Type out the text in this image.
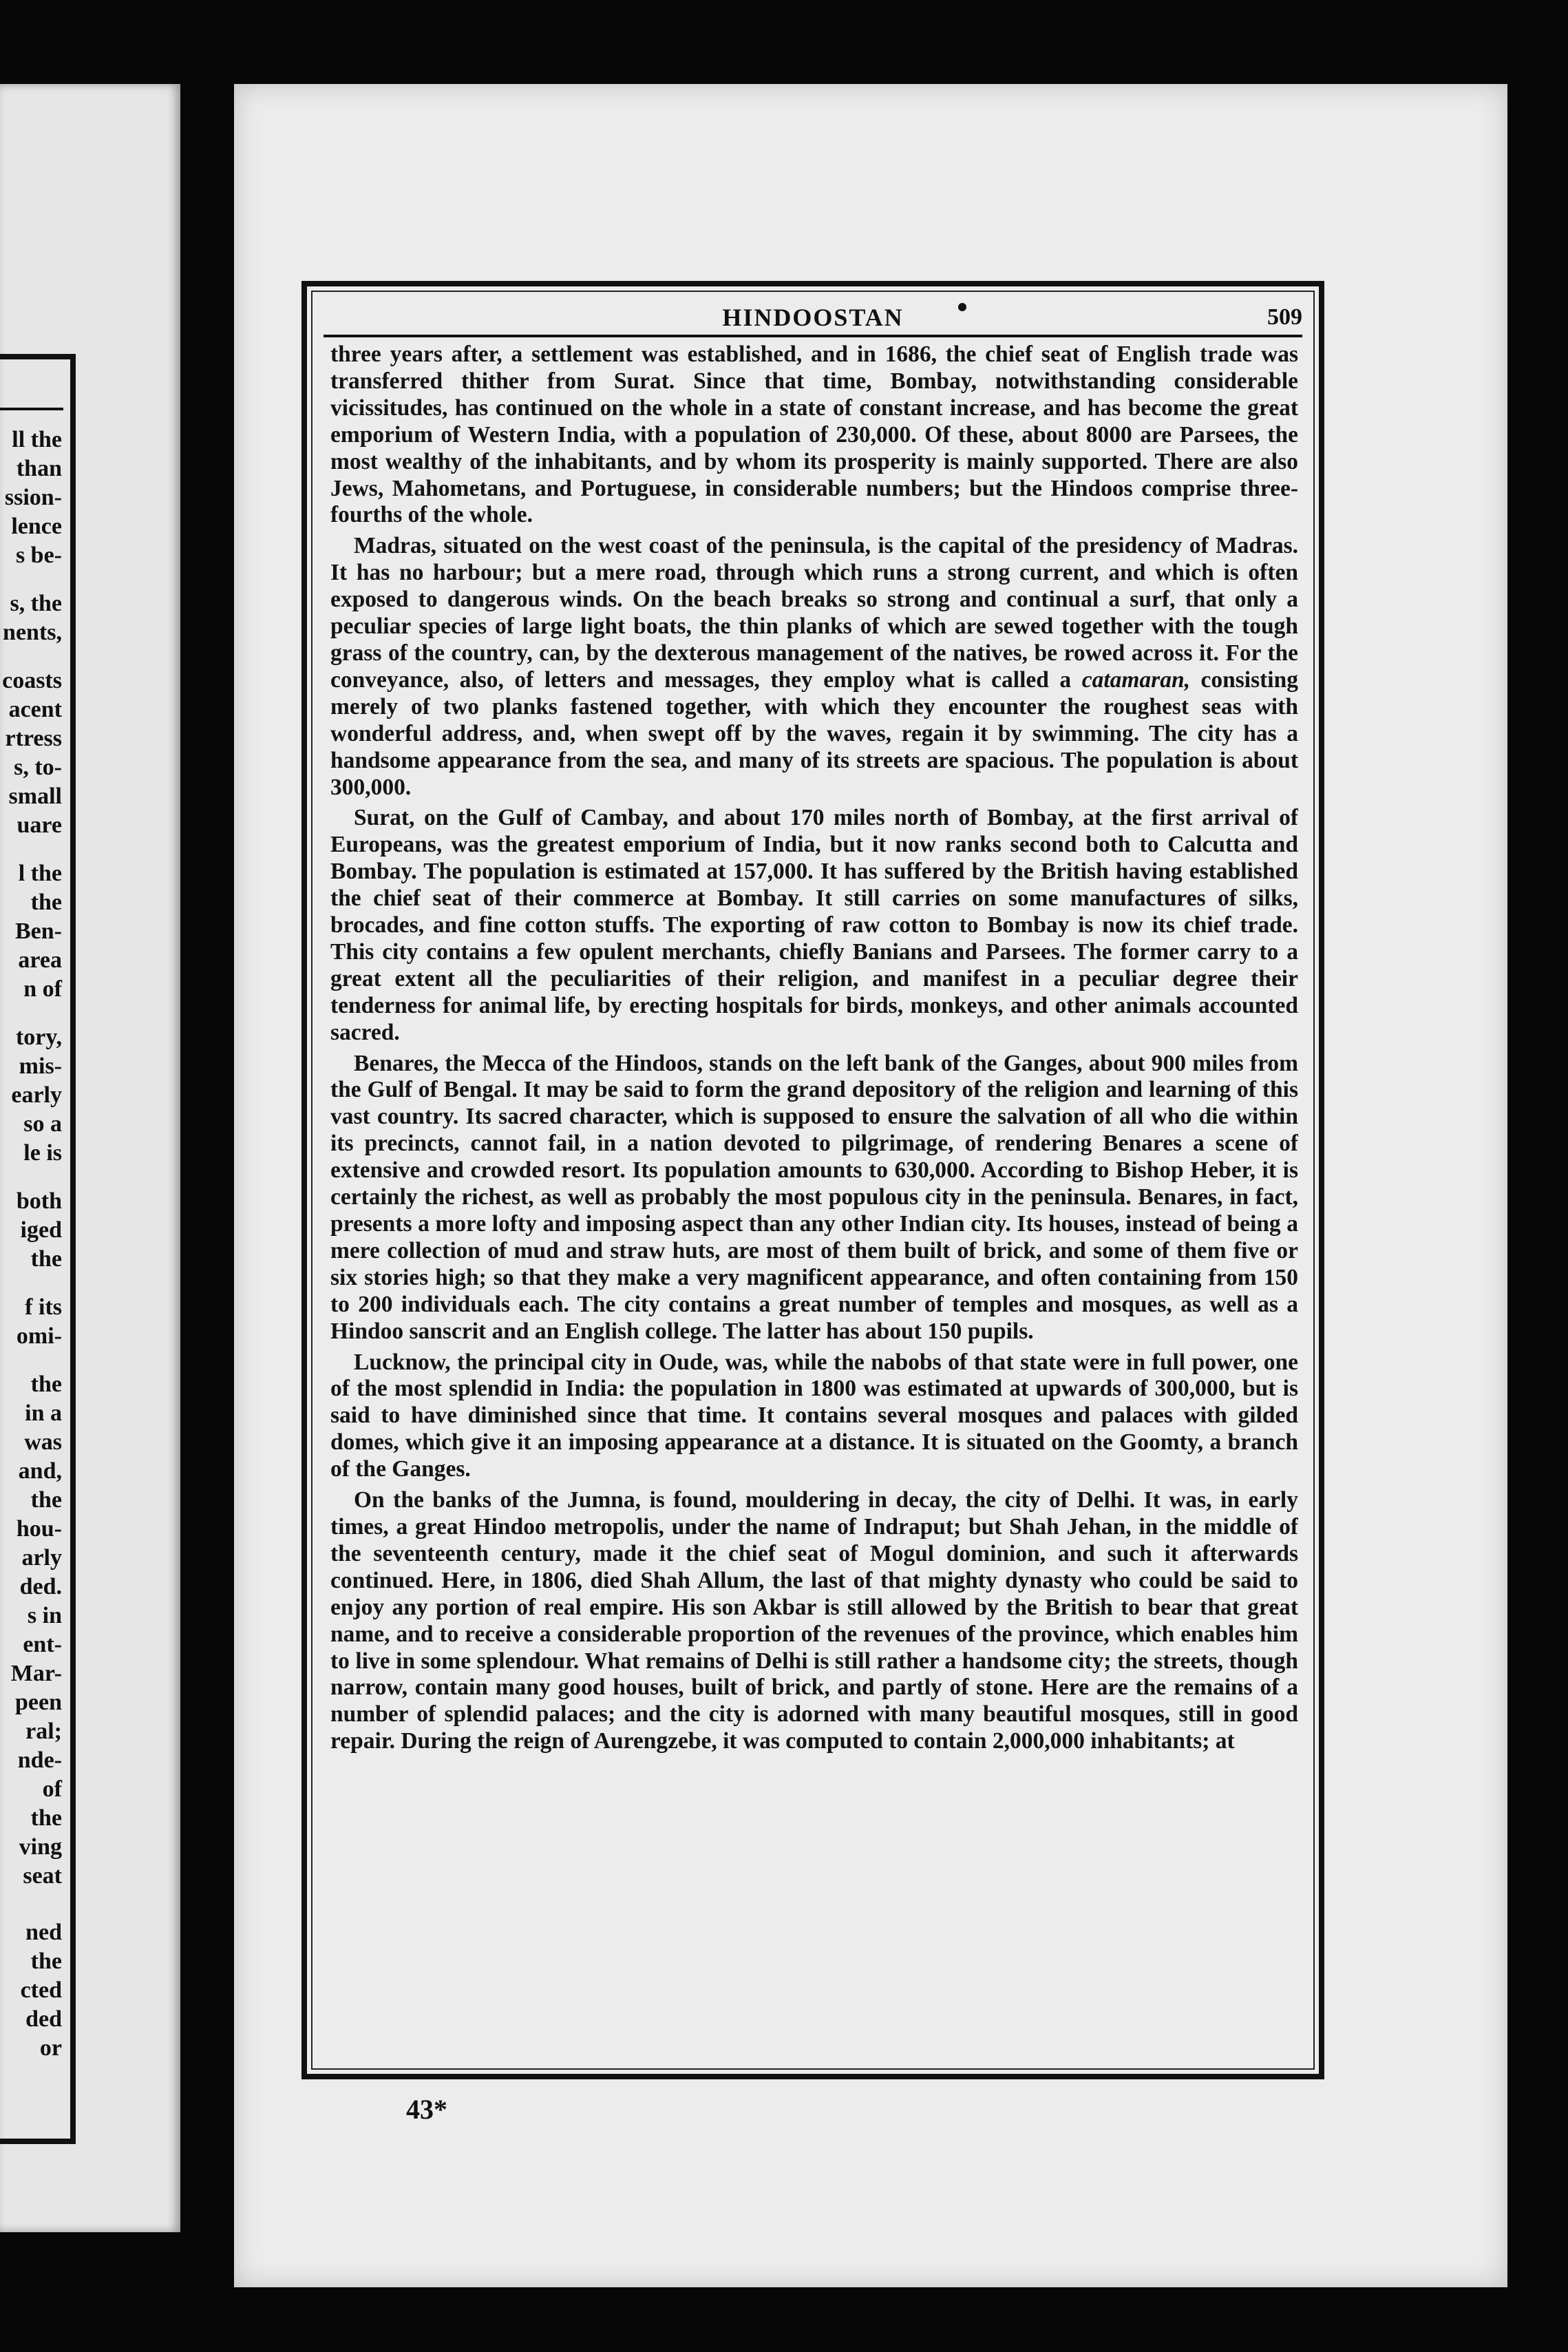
ll the
than
ssion-
lence
s be-
s, the
nents,
coasts
acent
rtress
s, to-
small
uare
l the
the
Ben-
area
n of
tory,
mis-
early
so a
le is
both
iged
the
f its
omi-
the
in a
was
and,
the
hou-
arly
ded.
s in
ent-
Mar-
peen
ral;
nde-
of
the
ving
seat
ned
the
cted
ded
or
HINDOOSTAN	509

three years after, a settlement was established, and in 1686, the chief seat of English trade was transferred thither from Surat. Since that time, Bombay, notwithstanding considerable vicissitudes, has continued on the whole in a state of constant increase, and has become the great emporium of Western India, with a population of 230,000. Of these, about 8000 are Parsees, the most wealthy of the inhabitants, and by whom its prosperity is mainly supported. There are also Jews, Mahometans, and Portuguese, in considerable numbers; but the Hindoos comprise three-fourths of the whole.

Madras, situated on the west coast of the peninsula, is the capital of the presidency of Madras. It has no harbour; but a mere road, through which runs a strong current, and which is often exposed to dangerous winds. On the beach breaks so strong and continual a surf, that only a peculiar species of large light boats, the thin planks of which are sewed together with the tough grass of the country, can, by the dexterous management of the natives, be rowed across it. For the conveyance, also, of letters and messages, they employ what is called a catamaran, consisting merely of two planks fastened together, with which they encounter the roughest seas with wonderful address, and, when swept off by the waves, regain it by swimming. The city has a handsome appearance from the sea, and many of its streets are spacious. The population is about 300,000.

Surat, on the Gulf of Cambay, and about 170 miles north of Bombay, at the first arrival of Europeans, was the greatest emporium of India, but it now ranks second both to Calcutta and Bombay. The population is estimated at 157,000. It has suffered by the British having established the chief seat of their commerce at Bombay. It still carries on some manufactures of silks, brocades, and fine cotton stuffs. The exporting of raw cotton to Bombay is now its chief trade. This city contains a few opulent merchants, chiefly Banians and Parsees. The former carry to a great extent all the peculiarities of their religion, and manifest in a peculiar degree their tenderness for animal life, by erecting hospitals for birds, monkeys, and other animals accounted sacred.

Benares, the Mecca of the Hindoos, stands on the left bank of the Ganges, about 900 miles from the Gulf of Bengal. It may be said to form the grand depository of the religion and learning of this vast country. Its sacred character, which is supposed to ensure the salvation of all who die within its precincts, cannot fail, in a nation devoted to pilgrimage, of rendering Benares a scene of extensive and crowded resort. Its population amounts to 630,000. According to Bishop Heber, it is certainly the richest, as well as probably the most populous city in the peninsula. Benares, in fact, presents a more lofty and imposing aspect than any other Indian city. Its houses, instead of being a mere collection of mud and straw huts, are most of them built of brick, and some of them five or six stories high; so that they make a very magnificent appearance, and often containing from 150 to 200 individuals each. The city contains a great number of temples and mosques, as well as a Hindoo sanscrit and an English college. The latter has about 150 pupils.

Lucknow, the principal city in Oude, was, while the nabobs of that state were in full power, one of the most splendid in India: the population in 1800 was estimated at upwards of 300,000, but is said to have diminished since that time. It contains several mosques and palaces with gilded domes, which give it an imposing appearance at a distance. It is situated on the Goomty, a branch of the Ganges.

On the banks of the Jumna, is found, mouldering in decay, the city of Delhi. It was, in early times, a great Hindoo metropolis, under the name of Indraput; but Shah Jehan, in the middle of the seventeenth century, made it the chief seat of Mogul dominion, and such it afterwards continued. Here, in 1806, died Shah Allum, the last of that mighty dynasty who could be said to enjoy any portion of real empire. His son Akbar is still allowed by the British to bear that great name, and to receive a considerable proportion of the revenues of the province, which enables him to live in some splendour. What remains of Delhi is still rather a handsome city; the streets, though narrow, contain many good houses, built of brick, and partly of stone. Here are the remains of a number of splendid palaces; and the city is adorned with many beautiful mosques, still in good repair. During the reign of Aurengzebe, it was computed to contain 2,000,000 inhabitants; at

43*
